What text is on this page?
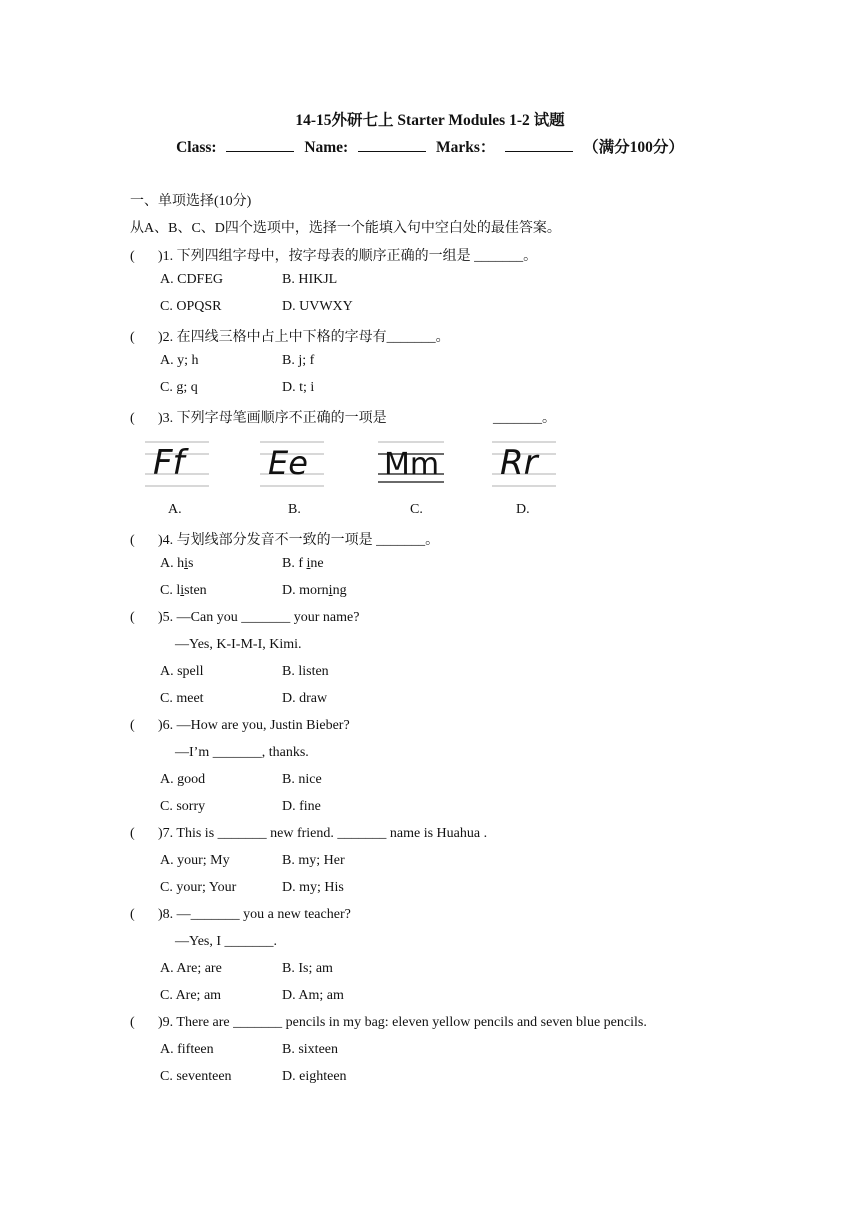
14-15外研七上 Starter Modules 1-2 试题
Class:	Name:	Marks：	（满分100分）
一、单项选择(10分)
从A、B、C、D四个选项中，选择一个能填入句中空白处的最佳答案。
( )1. 下列四组字母中，按字母表的顺序正确的一组是 _______。
A. CDFEG	B. HIKJL
C. OPQSR	D. UVWXY
( )2. 在四线三格中占上中下格的字母有_______。
A. y; h	B. j; f
C. g; q	D. t; i
( )3. 下列字母笔画顺序不正确的一项是	_______。
Ff	Ee	Mm Rr
A.	B.	C.	D.
( )4. 与划线部分发音不一致的一项是 _______。
A. his	B. f ine
C. listen	D. morning
( )5. —Can you _______ your name?
—Yes, K-I-M-I, Kimi.
A. spell	B. listen
C. meet	D. draw
( )6. —How are you, Justin Bieber?
—I’m _______, thanks.
A. good	B. nice
C. sorry	D. fine
( )7. This is _______ new friend. _______ name is Huahua .
A. your; My	B. my; Her
C. your; Your	D. my; His
( )8. —_______ you a new teacher?
—Yes, I _______.
A. Are; are	B. Is; am
C. Are; am	D. Am; am
( )9. There are _______ pencils in my bag: eleven yellow pencils and seven blue pencils.
A. fifteen	B. sixteen
C. seventeen	D. eighteen
